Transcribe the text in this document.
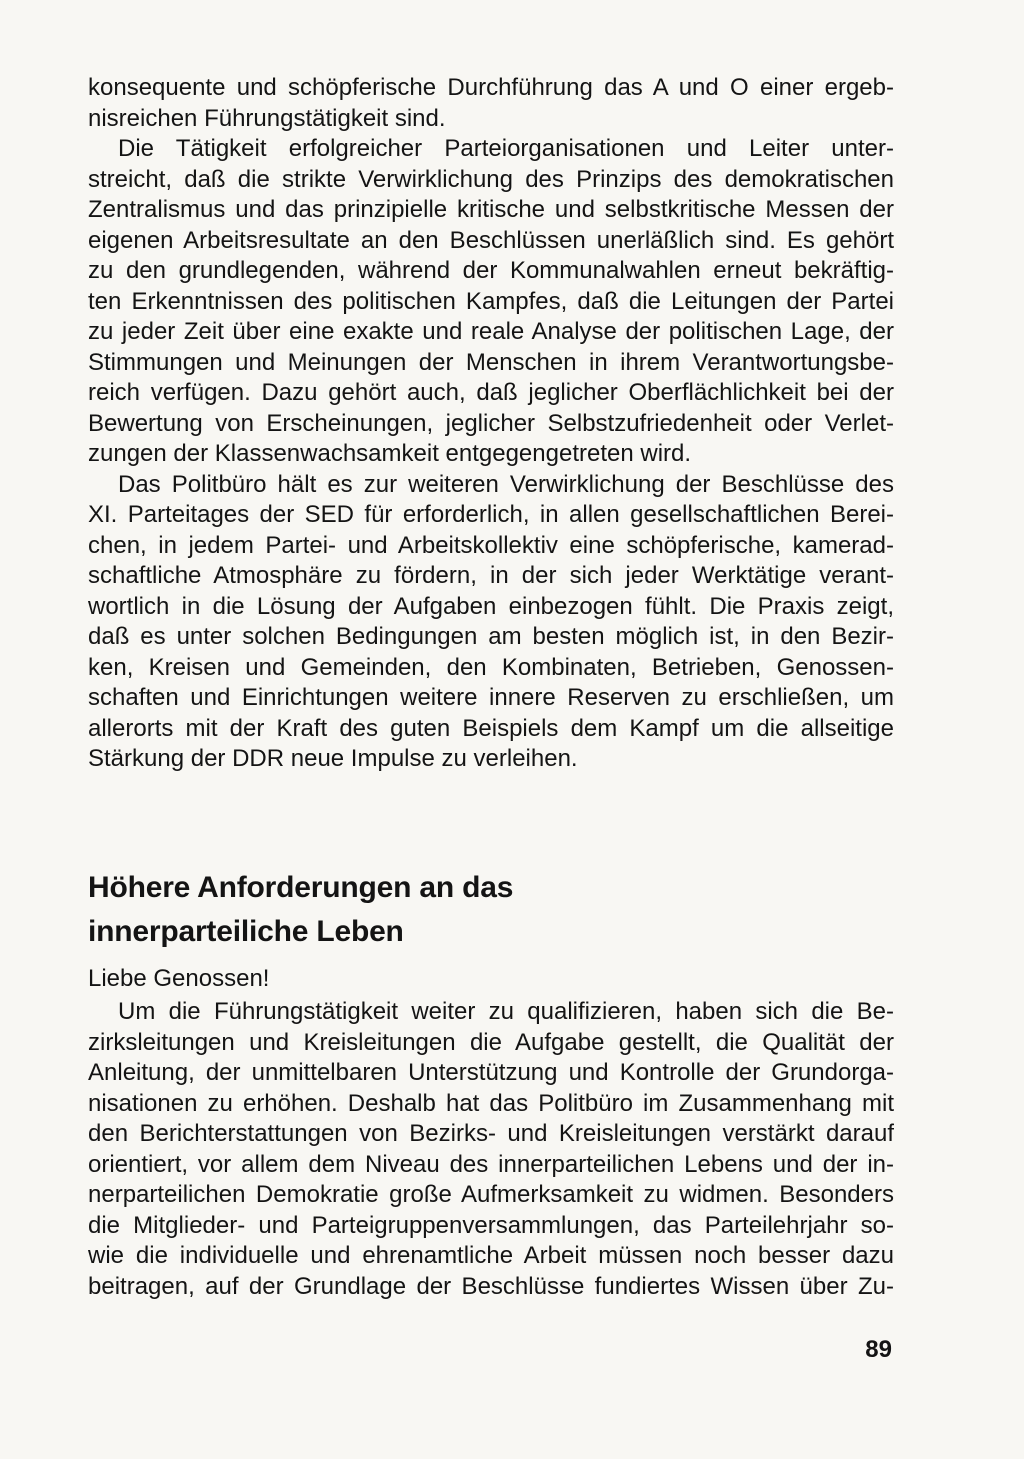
konsequente und schöpferische Durchführung das A und O einer ergeb-
nisreichen Führungstätigkeit sind.
Die Tätigkeit erfolgreicher Parteiorganisationen und Leiter unter-
streicht, daß die strikte Verwirklichung des Prinzips des demokratischen
Zentralismus und das prinzipielle kritische und selbstkritische Messen der
eigenen Arbeitsresultate an den Beschlüssen unerläßlich sind. Es gehört
zu den grundlegenden, während der Kommunalwahlen erneut bekräftig-
ten Erkenntnissen des politischen Kampfes, daß die Leitungen der Partei
zu jeder Zeit über eine exakte und reale Analyse der politischen Lage, der
Stimmungen und Meinungen der Menschen in ihrem Verantwortungsbe-
reich verfügen. Dazu gehört auch, daß jeglicher Oberflächlichkeit bei der
Bewertung von Erscheinungen, jeglicher Selbstzufriedenheit oder Verlet-
zungen der Klassenwachsamkeit entgegengetreten wird.
Das Politbüro hält es zur weiteren Verwirklichung der Beschlüsse des
XI. Parteitages der SED für erforderlich, in allen gesellschaftlichen Berei-
chen, in jedem Partei- und Arbeitskollektiv eine schöpferische, kamerad-
schaftliche Atmosphäre zu fördern, in der sich jeder Werktätige verant-
wortlich in die Lösung der Aufgaben einbezogen fühlt. Die Praxis zeigt,
daß es unter solchen Bedingungen am besten möglich ist, in den Bezir-
ken, Kreisen und Gemeinden, den Kombinaten, Betrieben, Genossen-
schaften und Einrichtungen weitere innere Reserven zu erschließen, um
allerorts mit der Kraft des guten Beispiels dem Kampf um die allseitige
Stärkung der DDR neue Impulse zu verleihen.
Höhere Anforderungen an das
innerparteiliche Leben
Liebe Genossen!
Um die Führungstätigkeit weiter zu qualifizieren, haben sich die Be-
zirksleitungen und Kreisleitungen die Aufgabe gestellt, die Qualität der
Anleitung, der unmittelbaren Unterstützung und Kontrolle der Grundorga-
nisationen zu erhöhen. Deshalb hat das Politbüro im Zusammenhang mit
den Berichterstattungen von Bezirks- und Kreisleitungen verstärkt darauf
orientiert, vor allem dem Niveau des innerparteilichen Lebens und der in-
nerparteilichen Demokratie große Aufmerksamkeit zu widmen. Besonders
die Mitglieder- und Parteigruppenversammlungen, das Parteilehrjahr so-
wie die individuelle und ehrenamtliche Arbeit müssen noch besser dazu
beitragen, auf der Grundlage der Beschlüsse fundiertes Wissen über Zu-
89
